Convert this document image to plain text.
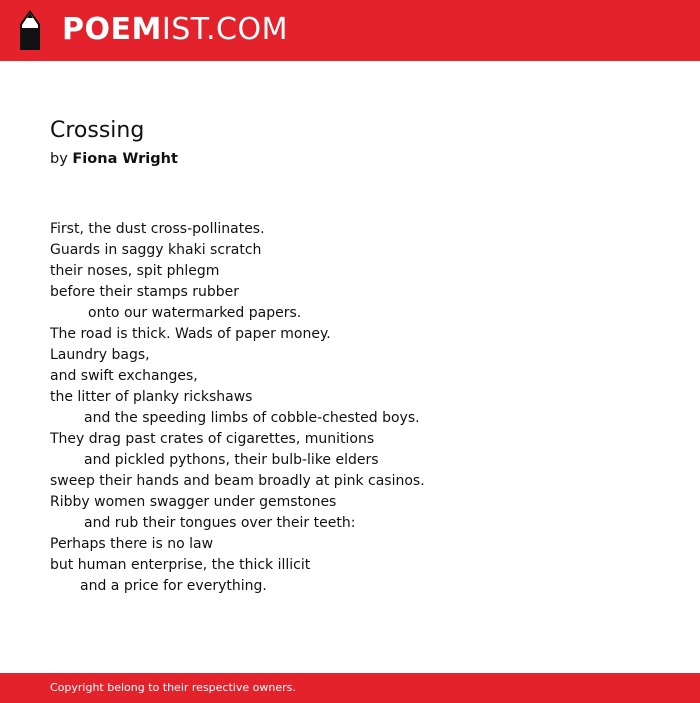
POEMIST.COM
Crossing
by Fiona Wright
First, the dust cross-pollinates.
Guards in saggy khaki scratch
their noses, spit phlegm
before their stamps rubber
onto our watermarked papers.
The road is thick. Wads of paper money.
Laundry bags,
and swift exchanges,
the litter of planky rickshaws
and the speeding limbs of cobble-chested boys.
They drag past crates of cigarettes, munitions
and pickled pythons, their bulb-like elders
sweep their hands and beam broadly at pink casinos.
Ribby women swagger under gemstones
and rub their tongues over their teeth:
Perhaps there is no law
but human enterprise, the thick illicit
and a price for everything.
Copyright belong to their respective owners.
